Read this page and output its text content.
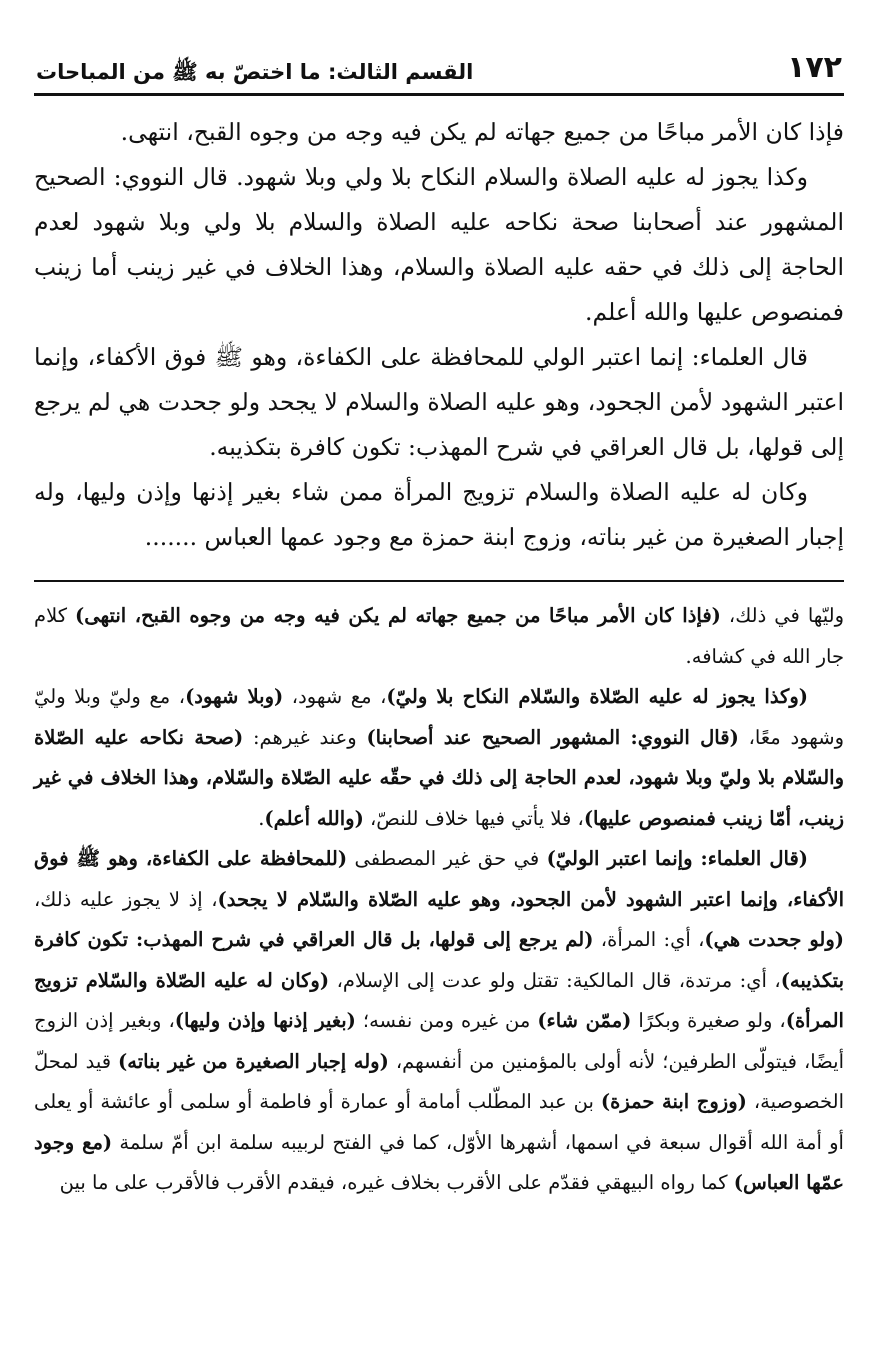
١٧٢
القسم الثالث: ما اختصّ به ﷺ من المباحات

فإذا كان الأمر مباحًا من جميع جهاته لم يكن فيه وجه من وجوه القبح، انتهى.

وكذا يجوز له عليه الصلاة والسلام النكاح بلا ولي وبلا شهود. قال النووي: الصحيح المشهور عند أصحابنا صحة نكاحه عليه الصلاة والسلام بلا ولي وبلا شهود لعدم الحاجة إلى ذلك في حقه عليه الصلاة والسلام، وهذا الخلاف في غير زينب أما زينب فمنصوص عليها والله أعلم.

قال العلماء: إنما اعتبر الولي للمحافظة على الكفاءة، وهو ﷺ فوق الأكفاء، وإنما اعتبر الشهود لأمن الجحود، وهو عليه الصلاة والسلام لا يجحد ولو جحدت هي لم يرجع إلى قولها، بل قال العراقي في شرح المهذب: تكون كافرة بتكذيبه.

وكان له عليه الصلاة والسلام تزويج المرأة ممن شاء بغير إذنها وإذن وليها، وله إجبار الصغيرة من غير بناته، وزوج ابنة حمزة مع وجود عمها العباس .......

وليّها في ذلك، (فإذا كان الأمر مباحًا من جميع جهاته لم يكن فيه وجه من وجوه القبح، انتهى) كلام جار الله في كشافه.

(وكذا يجوز له عليه الصّلاة والسّلام النكاح بلا وليّ)، مع شهود، (وبلا شهود)، مع وليّ وبلا وليّ وشهود معًا، (قال النووي: المشهور الصحيح عند أصحابنا) وعند غيرهم: (صحة نكاحه عليه الصّلاة والسّلام بلا وليّ وبلا شهود، لعدم الحاجة إلى ذلك في حقّه عليه الصّلاة والسّلام، وهذا الخلاف في غير زينب، أمّا زينب فمنصوص عليها)، فلا يأتي فيها خلاف للنصّ، (والله أعلم).

(قال العلماء: وإنما اعتبر الوليّ) في حق غير المصطفى (للمحافظة على الكفاءة، وهو ﷺ فوق الأكفاء، وإنما اعتبر الشهود لأمن الجحود، وهو عليه الصّلاة والسّلام لا يجحد)، إذ لا يجوز عليه ذلك، (ولو جحدت هي)، أي: المرأة، (لم يرجع إلى قولها، بل قال العراقي في شرح المهذب: تكون كافرة بتكذيبه)، أي: مرتدة، قال المالكية: تقتل ولو عدت إلى الإسلام، (وكان له عليه الصّلاة والسّلام تزويج المرأة)، ولو صغيرة وبكرًا (ممّن شاء) من غيره ومن نفسه؛ (بغير إذنها وإذن وليها)، وبغير إذن الزوج أيضًا، فيتولّى الطرفين؛ لأنه أولى بالمؤمنين من أنفسهم، (وله إجبار الصغيرة من غير بناته) قيد لمحلّ الخصوصية، (وزوج ابنة حمزة) بن عبد المطّلب أمامة أو عمارة أو فاطمة أو سلمى أو عائشة أو يعلى أو أمة الله أقوال سبعة في اسمها، أشهرها الأوّل، كما في الفتح لربيبه سلمة ابن أمّ سلمة (مع وجود عمّها العباس) كما رواه البيهقي فقدّم على الأقرب بخلاف غيره، فيقدم الأقرب فالأقرب على ما بين
